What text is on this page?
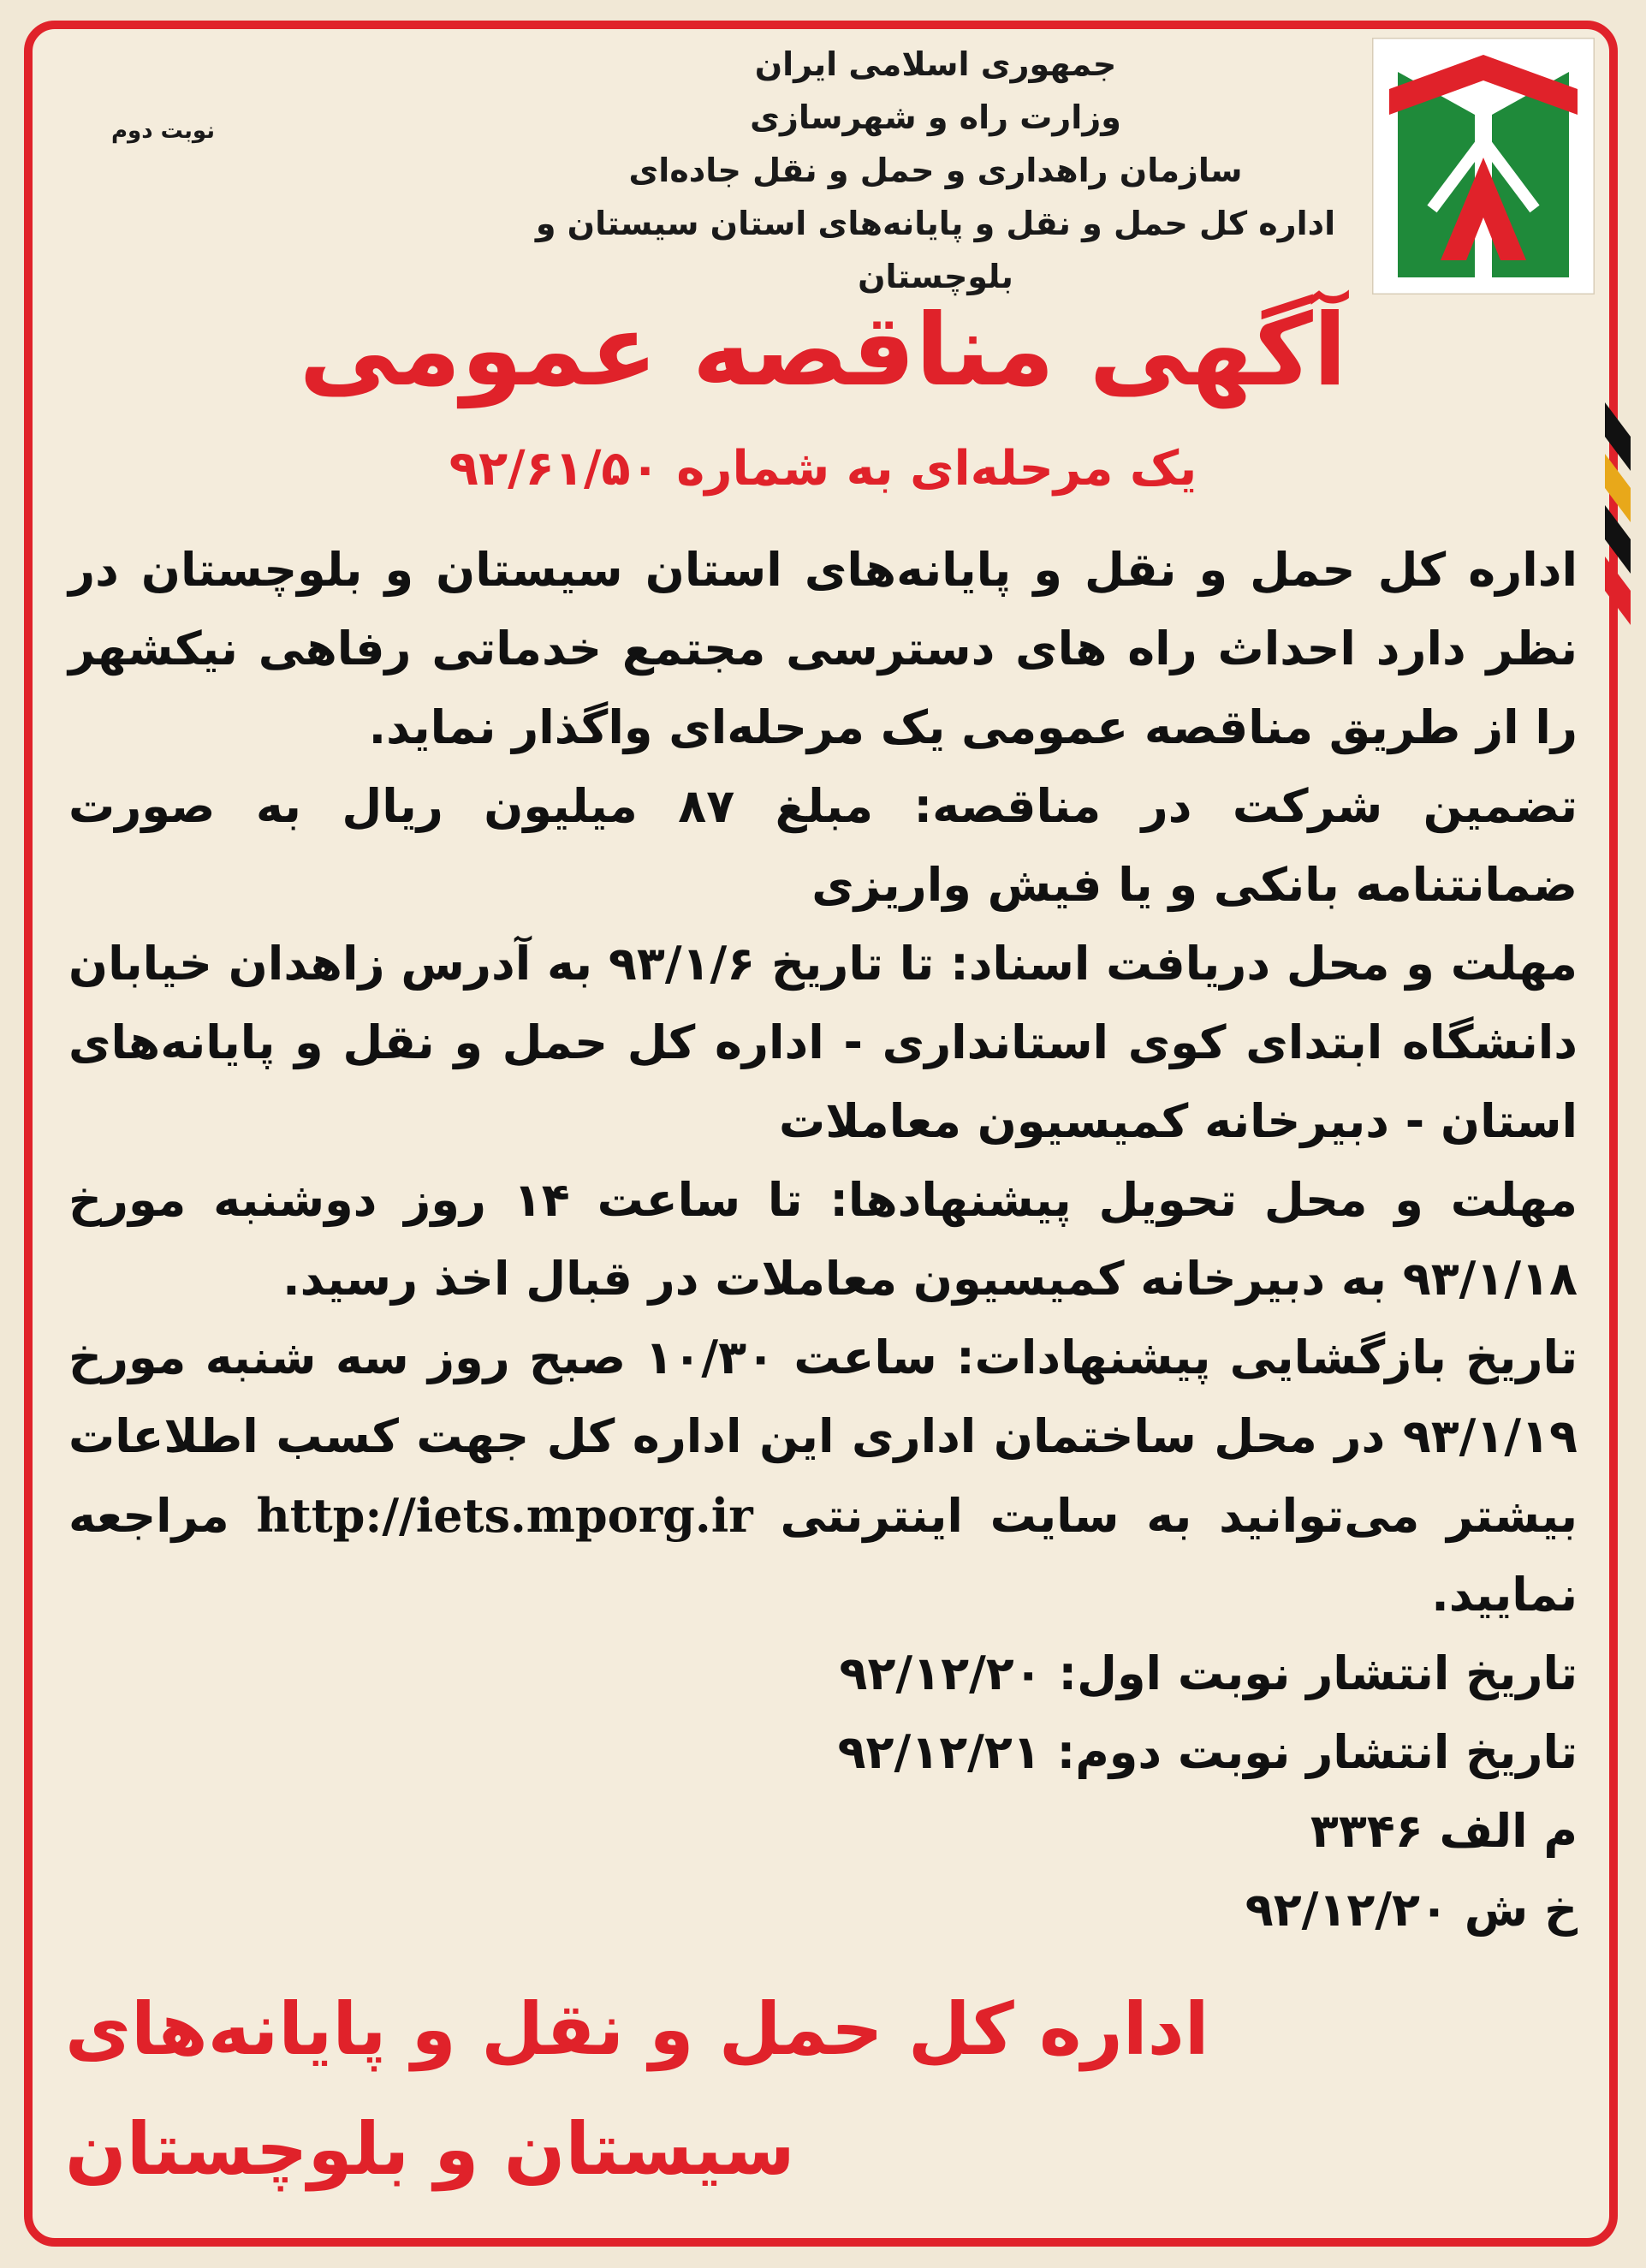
نوبت دوم
جمهوری اسلامی ایران
وزارت راه و شهرسازی
سازمان راهداری و حمل و نقل جاده‌ای
اداره کل حمل و نقل و پایانه‌های استان سیستان و بلوچستان
آگهی مناقصه عمومی
یک مرحله‌ای به شماره ۹۲/۶۱/۵۰

اداره کل حمل و نقل و پایانه‌های استان سیستان و بلوچستان در نظر دارد احداث راه های دسترسی مجتمع خدماتی رفاهی نیکشهر را از طریق مناقصه عمومی یک مرحله‌ای واگذار نماید.

تضمین شرکت در مناقصه: مبلغ ۸۷ میلیون ریال به صورت ضمانتنامه بانکی و یا فیش واریزی

مهلت و محل دریافت اسناد: تا تاریخ ۹۳/۱/۶ به آدرس زاهدان خیابان دانشگاه ابتدای کوی استانداری - اداره کل حمل و نقل و پایانه‌های استان - دبیرخانه کمیسیون معاملات

مهلت و محل تحویل پیشنهادها: تا ساعت ۱۴ روز دوشنبه مورخ ۹۳/۱/۱۸ به دبیرخانه کمیسیون معاملات در قبال اخذ رسید.

تاریخ بازگشایی پیشنهادات: ساعت ۱۰/۳۰ صبح روز سه شنبه مورخ ۹۳/۱/۱۹ در محل ساختمان اداری این اداره کل جهت کسب اطلاعات بیشتر می‌توانید به سایت اینترنتی http://iets.mporg.ir مراجعه نمایید.

تاریخ انتشار نوبت اول: ۹۲/۱۲/۲۰

تاریخ انتشار نوبت دوم: ۹۲/۱۲/۲۱

م الف ۳۳۴۶

خ ش ۹۲/۱۲/۲۰

اداره کل حمل و نقل و پایانه‌های
سیستان و بلوچستان
